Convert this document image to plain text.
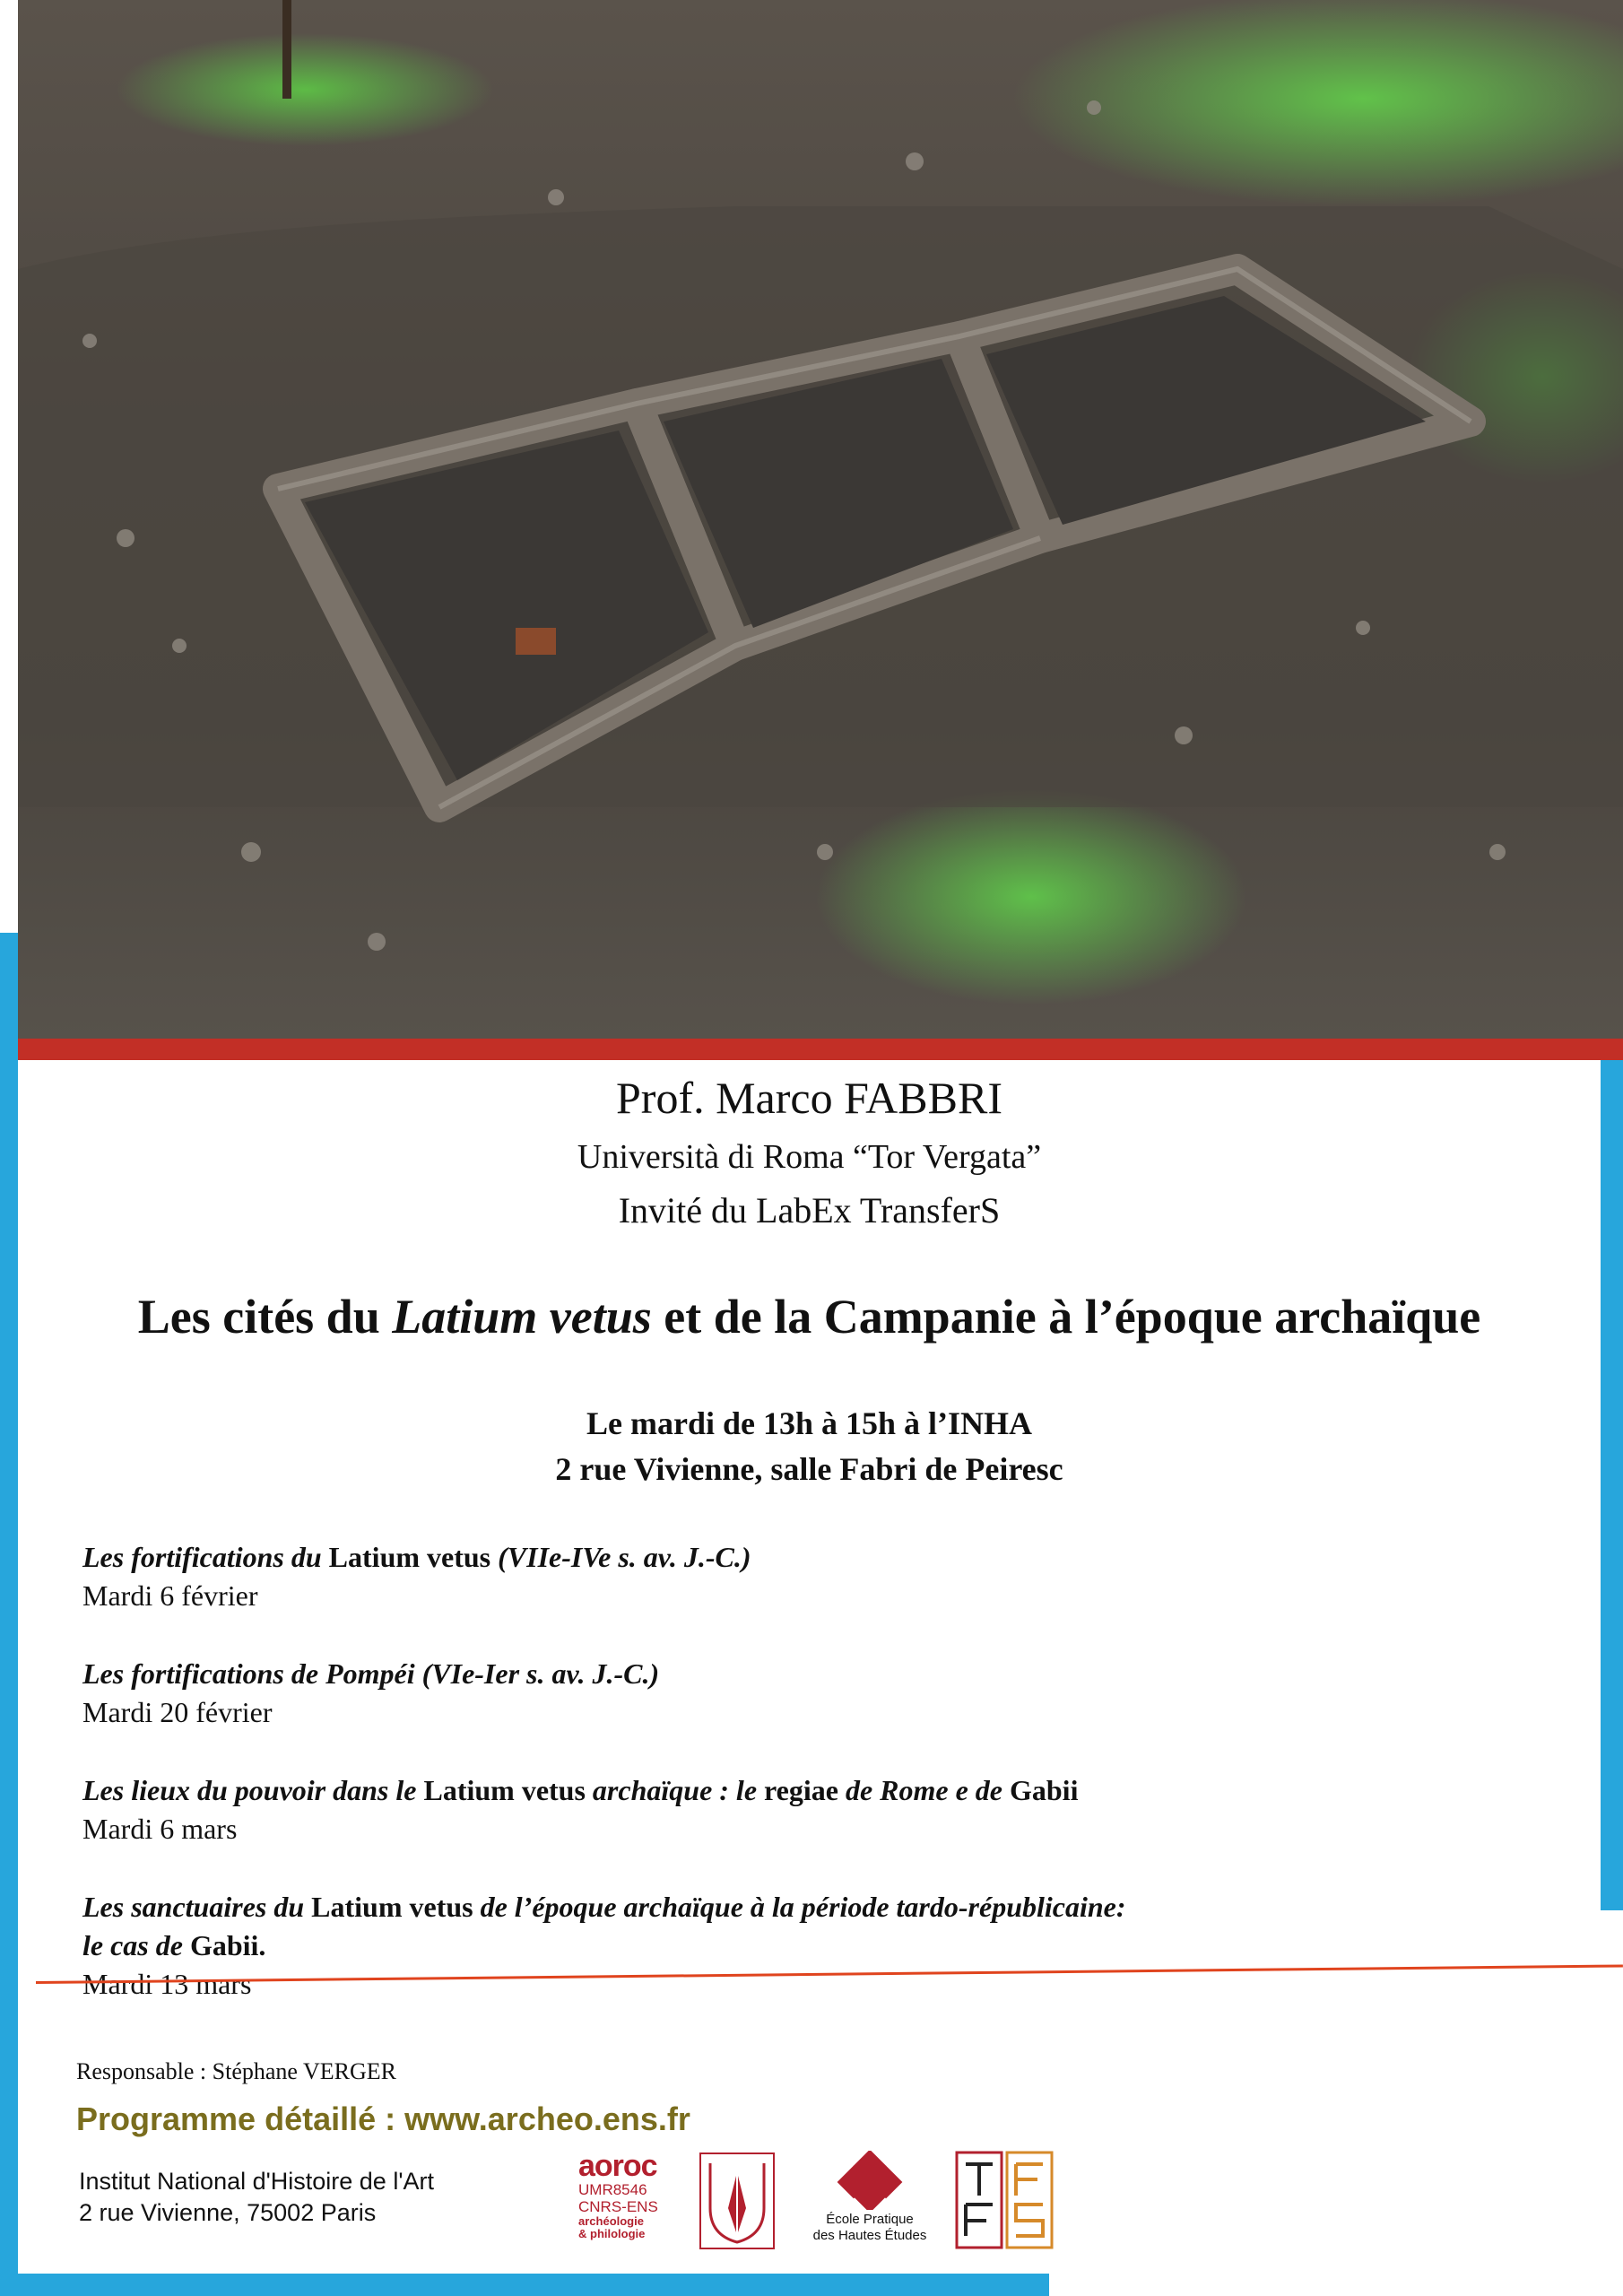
Prof. Marco FABBRI
Università di Roma “Tor Vergata”
Invité du LabEx TransferS
Les cités du Latium vetus et de la Campanie à l’époque archaïque
Le mardi de 13h à 15h à l’INHA
2 rue Vivienne, salle Fabri de Peiresc
Les fortifications du Latium vetus (VIIe-IVe s. av. J.-C.)
Mardi 6 février
Les fortifications de Pompéi (VIe-Ier s. av. J.-C.)
Mardi 20 février
Les lieux du pouvoir dans le Latium vetus archaïque : le regiae de Rome e de Gabii
Mardi 6 mars
Les sanctuaires du Latium vetus de l’époque archaïque à la période tardo-républicaine:
le cas de Gabii.
Mardi 13 mars
Responsable : Stéphane VERGER
Programme détaillé : www.archeo.ens.fr
Institut National d'Histoire de l'Art
2 rue Vivienne, 75002 Paris
aoroc
UMR8546
CNRS-ENS
archéologie
& philologie
École Pratique
des Hautes Études
